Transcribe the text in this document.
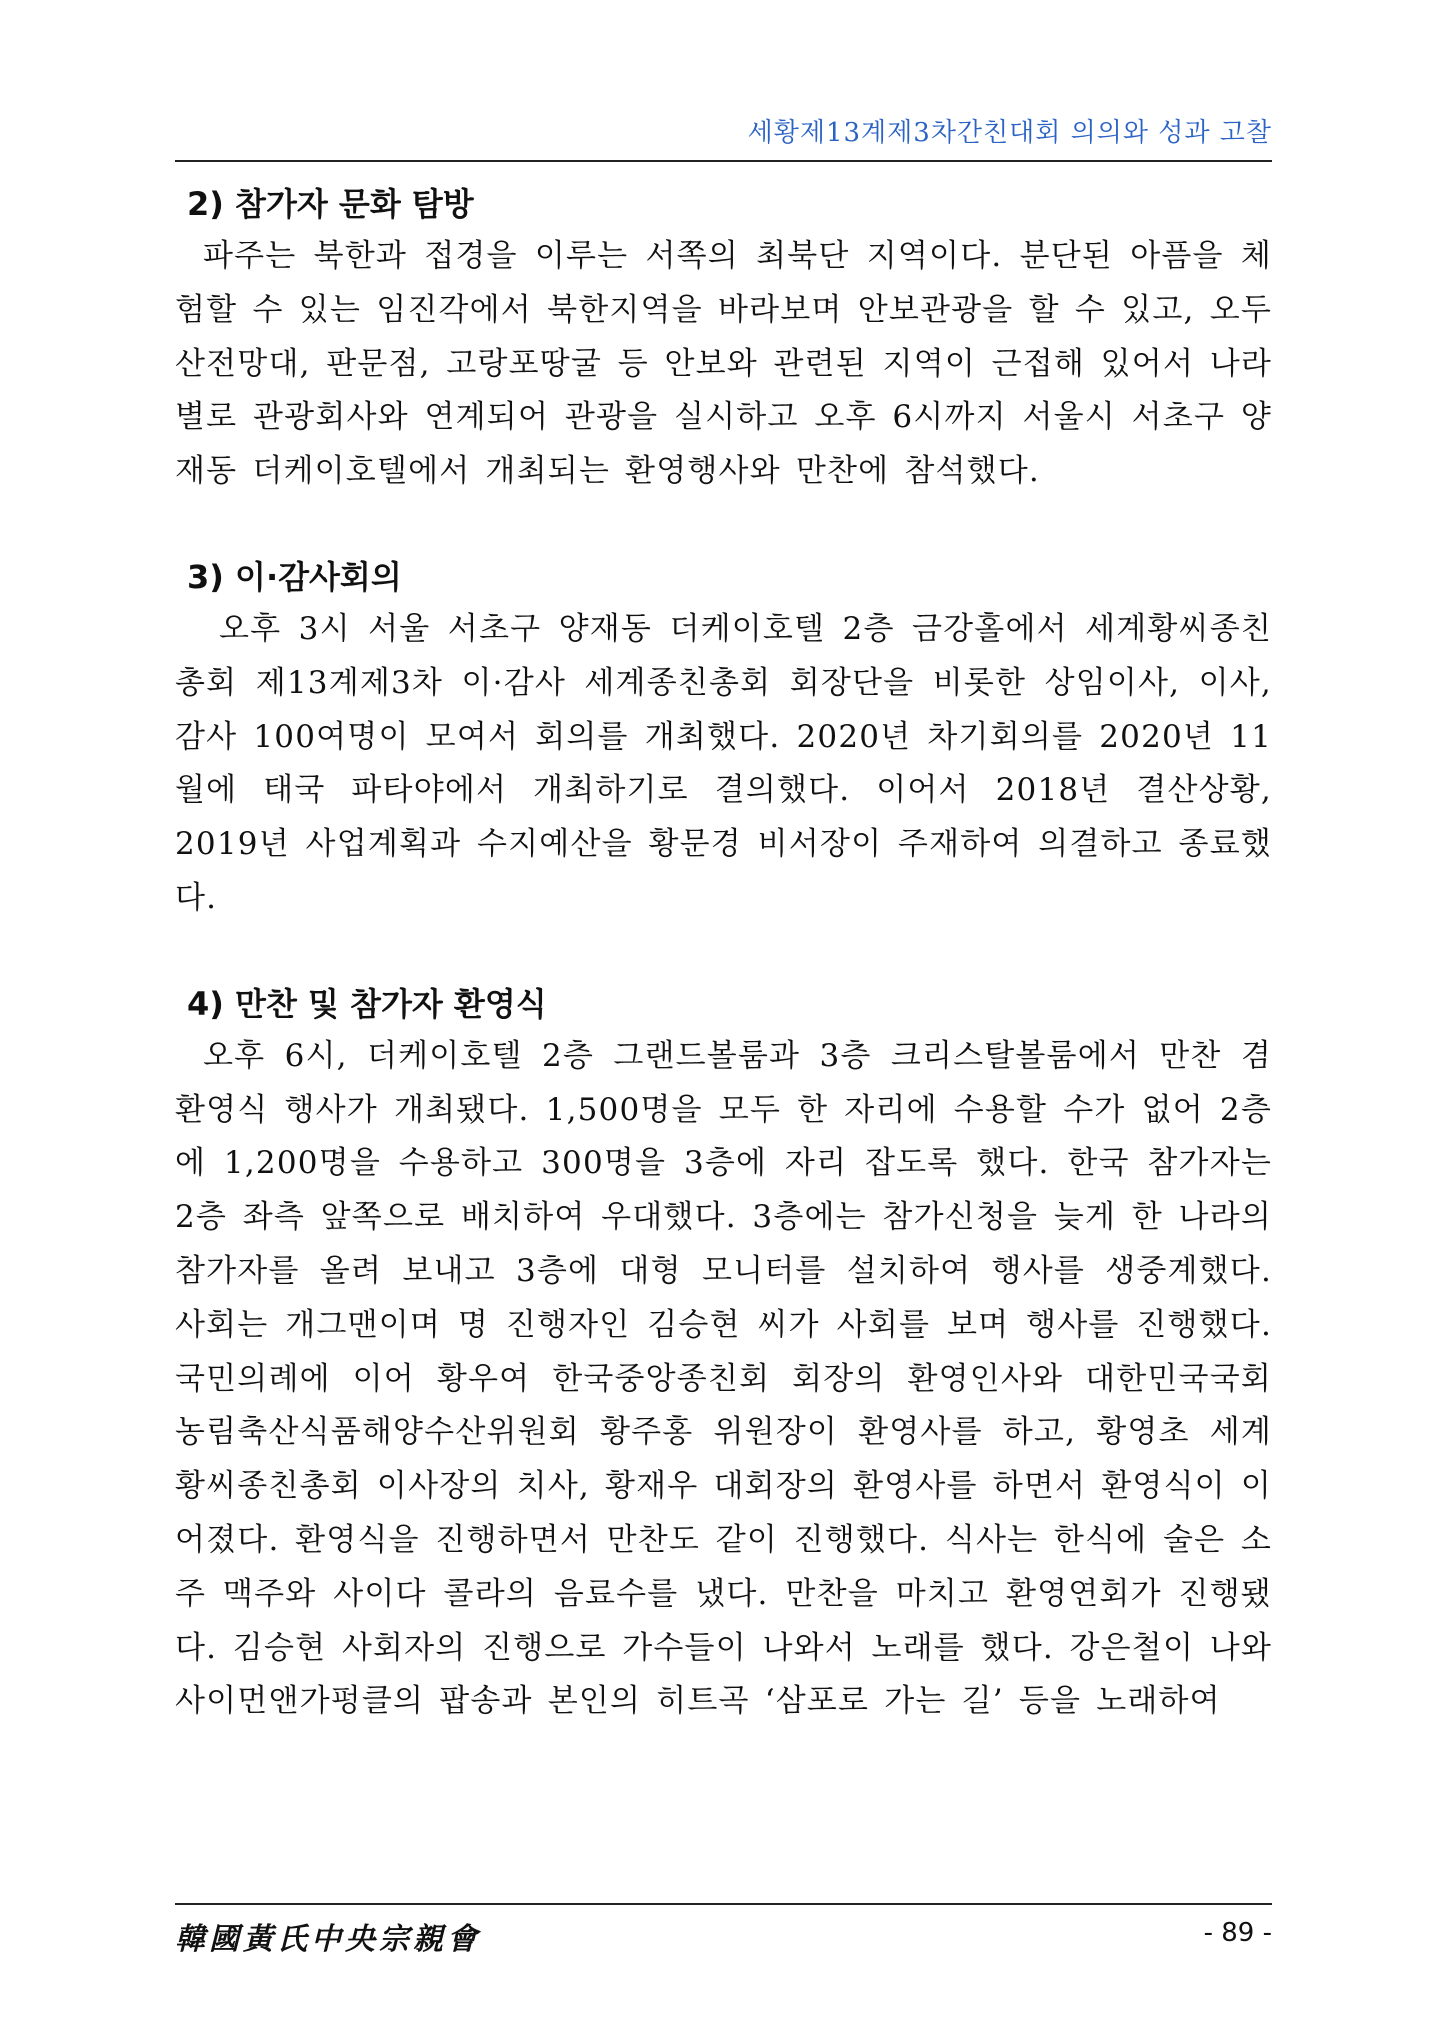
세황제13계제3차간친대회 의의와 성과 고찰
2) 참가자 문화 탐방

파주는 북한과 접경을 이루는 서쪽의 최북단 지역이다. 분단된 아픔을 체험할 수 있는 임진각에서 북한지역을 바라보며 안보관광을 할 수 있고, 오두산전망대, 판문점, 고랑포땅굴 등 안보와 관련된 지역이 근접해 있어서 나라별로 관광회사와 연계되어 관광을 실시하고 오후 6시까지 서울시 서초구 양재동 더케이호텔에서 개최되는 환영행사와 만찬에 참석했다.

3) 이·감사회의

오후 3시 서울 서초구 양재동 더케이호텔 2층 금강홀에서 세계황씨종친총회 제13계제3차 이·감사 세계종친총회 회장단을 비롯한 상임이사, 이사, 감사 100여명이 모여서 회의를 개최했다. 2020년 차기회의를 2020년 11월에 태국 파타야에서 개최하기로 결의했다. 이어서 2018년 결산상황, 2019년 사업계획과 수지예산을 황문경 비서장이 주재하여 의결하고 종료했다.

4) 만찬 및 참가자 환영식

오후 6시, 더케이호텔 2층 그랜드볼룸과 3층 크리스탈볼룸에서 만찬 겸 환영식 행사가 개최됐다. 1,500명을 모두 한 자리에 수용할 수가 없어 2층에 1,200명을 수용하고 300명을 3층에 자리 잡도록 했다. 한국 참가자는 2층 좌측 앞쪽으로 배치하여 우대했다. 3층에는 참가신청을 늦게 한 나라의 참가자를 올려 보내고 3층에 대형 모니터를 설치하여 행사를 생중계했다. 사회는 개그맨이며 명 진행자인 김승현 씨가 사회를 보며 행사를 진행했다. 국민의례에 이어 황우여 한국중앙종친회 회장의 환영인사와 대한민국국회 농림축산식품해양수산위원회 황주홍 위원장이 환영사를 하고, 황영초 세계황씨종친총회 이사장의 치사, 황재우 대회장의 환영사를 하면서 환영식이 이어졌다. 환영식을 진행하면서 만찬도 같이 진행했다. 식사는 한식에 술은 소주 맥주와 사이다 콜라의 음료수를 냈다. 만찬을 마치고 환영연회가 진행됐다. 김승현 사회자의 진행으로 가수들이 나와서 노래를 했다. 강은철이 나와 사이먼앤가펑클의 팝송과 본인의 히트곡 ‘삼포로 가는 길’ 등을 노래하여

韓國黃氏中央宗親會	- 89 -
